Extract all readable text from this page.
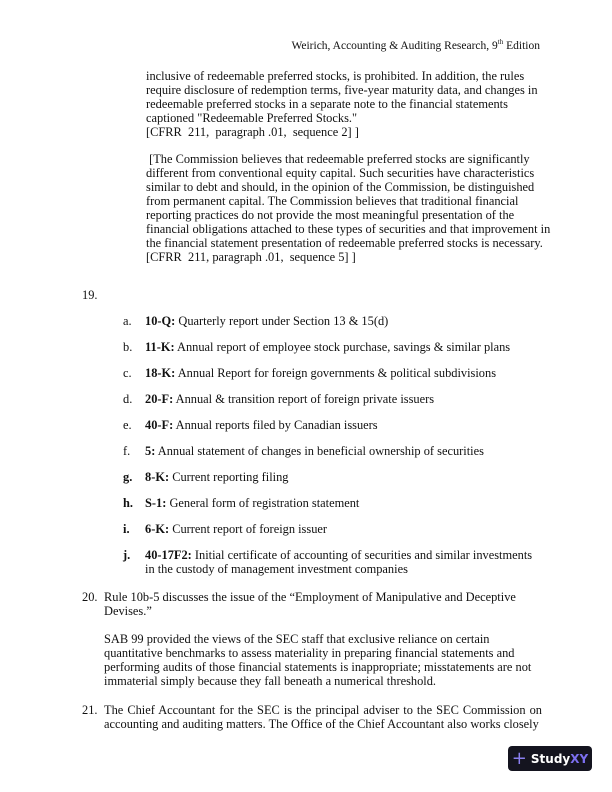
Weirich, Accounting & Auditing Research, 9th Edition
inclusive of redeemable preferred stocks, is prohibited. In addition, the rules
require disclosure of redemption terms, five-year maturity data, and changes in
redeemable preferred stocks in a separate note to the financial statements
captioned "Redeemable Preferred Stocks."
[CFRR  211,  paragraph .01,  sequence 2] ]
[The Commission believes that redeemable preferred stocks are significantly
different from conventional equity capital. Such securities have characteristics
similar to debt and should, in the opinion of the Commission, be distinguished
from permanent capital. The Commission believes that traditional financial
reporting practices do not provide the most meaningful presentation of the
financial obligations attached to these types of securities and that improvement in
the financial statement presentation of redeemable preferred stocks is necessary.
[CFRR  211, paragraph .01,  sequence 5] ]
19.
a.	10-Q: Quarterly report under Section 13 & 15(d)
b.	11-K: Annual report of employee stock purchase, savings & similar plans
c.	18-K: Annual Report for foreign governments & political subdivisions
d.	20-F: Annual & transition report of foreign private issuers
e.	40-F: Annual reports filed by Canadian issuers
f.	5: Annual statement of changes in beneficial ownership of securities
g.	8-K: Current reporting filing
h. S-1: General form of registration statement
i.	6-K: Current report of foreign issuer
j.	40-17F2: Initial certificate of accounting of securities and similar investments in the custody of management investment companies
20. Rule 10b-5 discusses the issue of the “Employment of Manipulative and Deceptive Devises.”
SAB 99 provided the views of the SEC staff that exclusive reliance on certain quantitative benchmarks to assess materiality in preparing financial statements and performing audits of those financial statements is inappropriate; misstatements are not immaterial simply because they fall beneath a numerical threshold.
21. The Chief Accountant for the SEC is the principal adviser to the SEC Commission on accounting and auditing matters. The Office of the Chief Accountant also works closely
+ Study XY
